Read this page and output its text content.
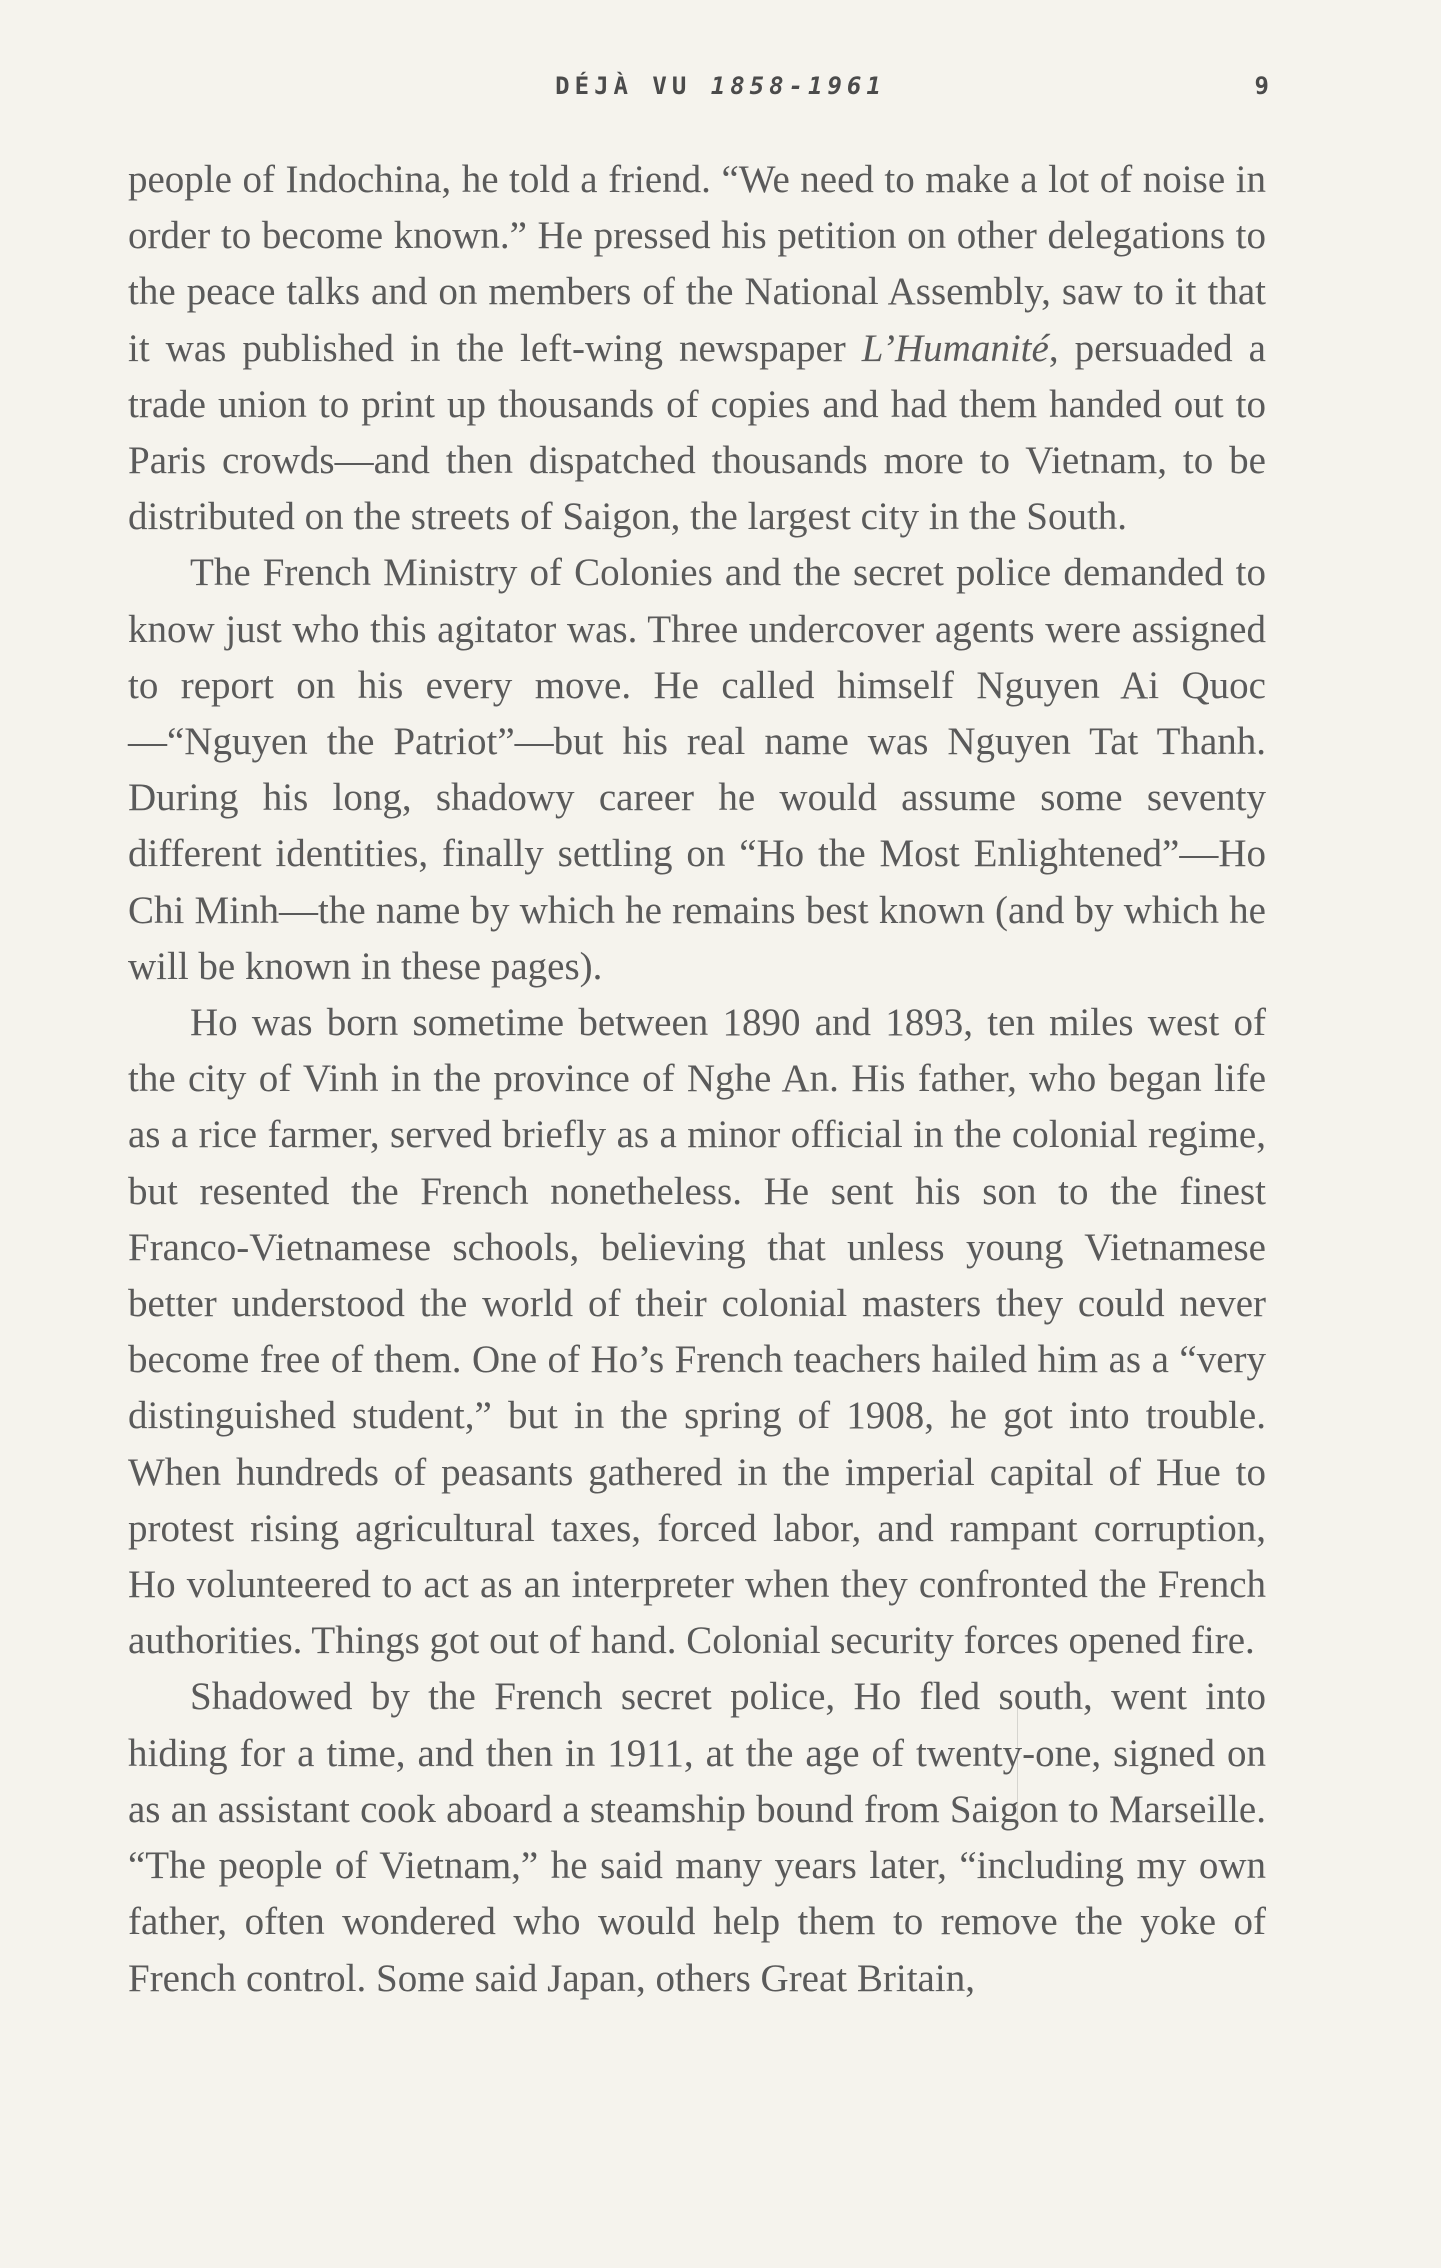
DÉJÀ VU 1858-1961	9

people of Indochina, he told a friend. “We need to make a lot of noise in order to become known.” He pressed his petition on other delegations to the peace talks and on members of the National Assembly, saw to it that it was published in the left-wing newspaper L’Humanité, persuaded a trade union to print up thousands of copies and had them handed out to Paris crowds—and then dispatched thousands more to Vietnam, to be distributed on the streets of Saigon, the largest city in the South.

The French Ministry of Colonies and the secret police demanded to know just who this agitator was. Three undercover agents were assigned to report on his every move. He called himself Nguyen Ai Quoc—“Nguyen the Patriot”—but his real name was Nguyen Tat Thanh. During his long, shadowy career he would assume some seventy different identities, finally settling on “Ho the Most Enlightened”—Ho Chi Minh—the name by which he remains best known (and by which he will be known in these pages).

Ho was born sometime between 1890 and 1893, ten miles west of the city of Vinh in the province of Nghe An. His father, who began life as a rice farmer, served briefly as a minor official in the colonial regime, but resented the French nonetheless. He sent his son to the finest Franco-Vietnamese schools, believing that unless young Vietnamese better understood the world of their colonial masters they could never become free of them. One of Ho’s French teachers hailed him as a “very distinguished student,” but in the spring of 1908, he got into trouble. When hundreds of peasants gathered in the imperial capital of Hue to protest rising agricultural taxes, forced labor, and rampant corruption, Ho volunteered to act as an interpreter when they confronted the French authorities. Things got out of hand. Colonial security forces opened fire.

Shadowed by the French secret police, Ho fled south, went into hiding for a time, and then in 1911, at the age of twenty-one, signed on as an assistant cook aboard a steamship bound from Saigon to Marseille. “The people of Vietnam,” he said many years later, “including my own father, often wondered who would help them to remove the yoke of French control. Some said Japan, others Great Britain,
